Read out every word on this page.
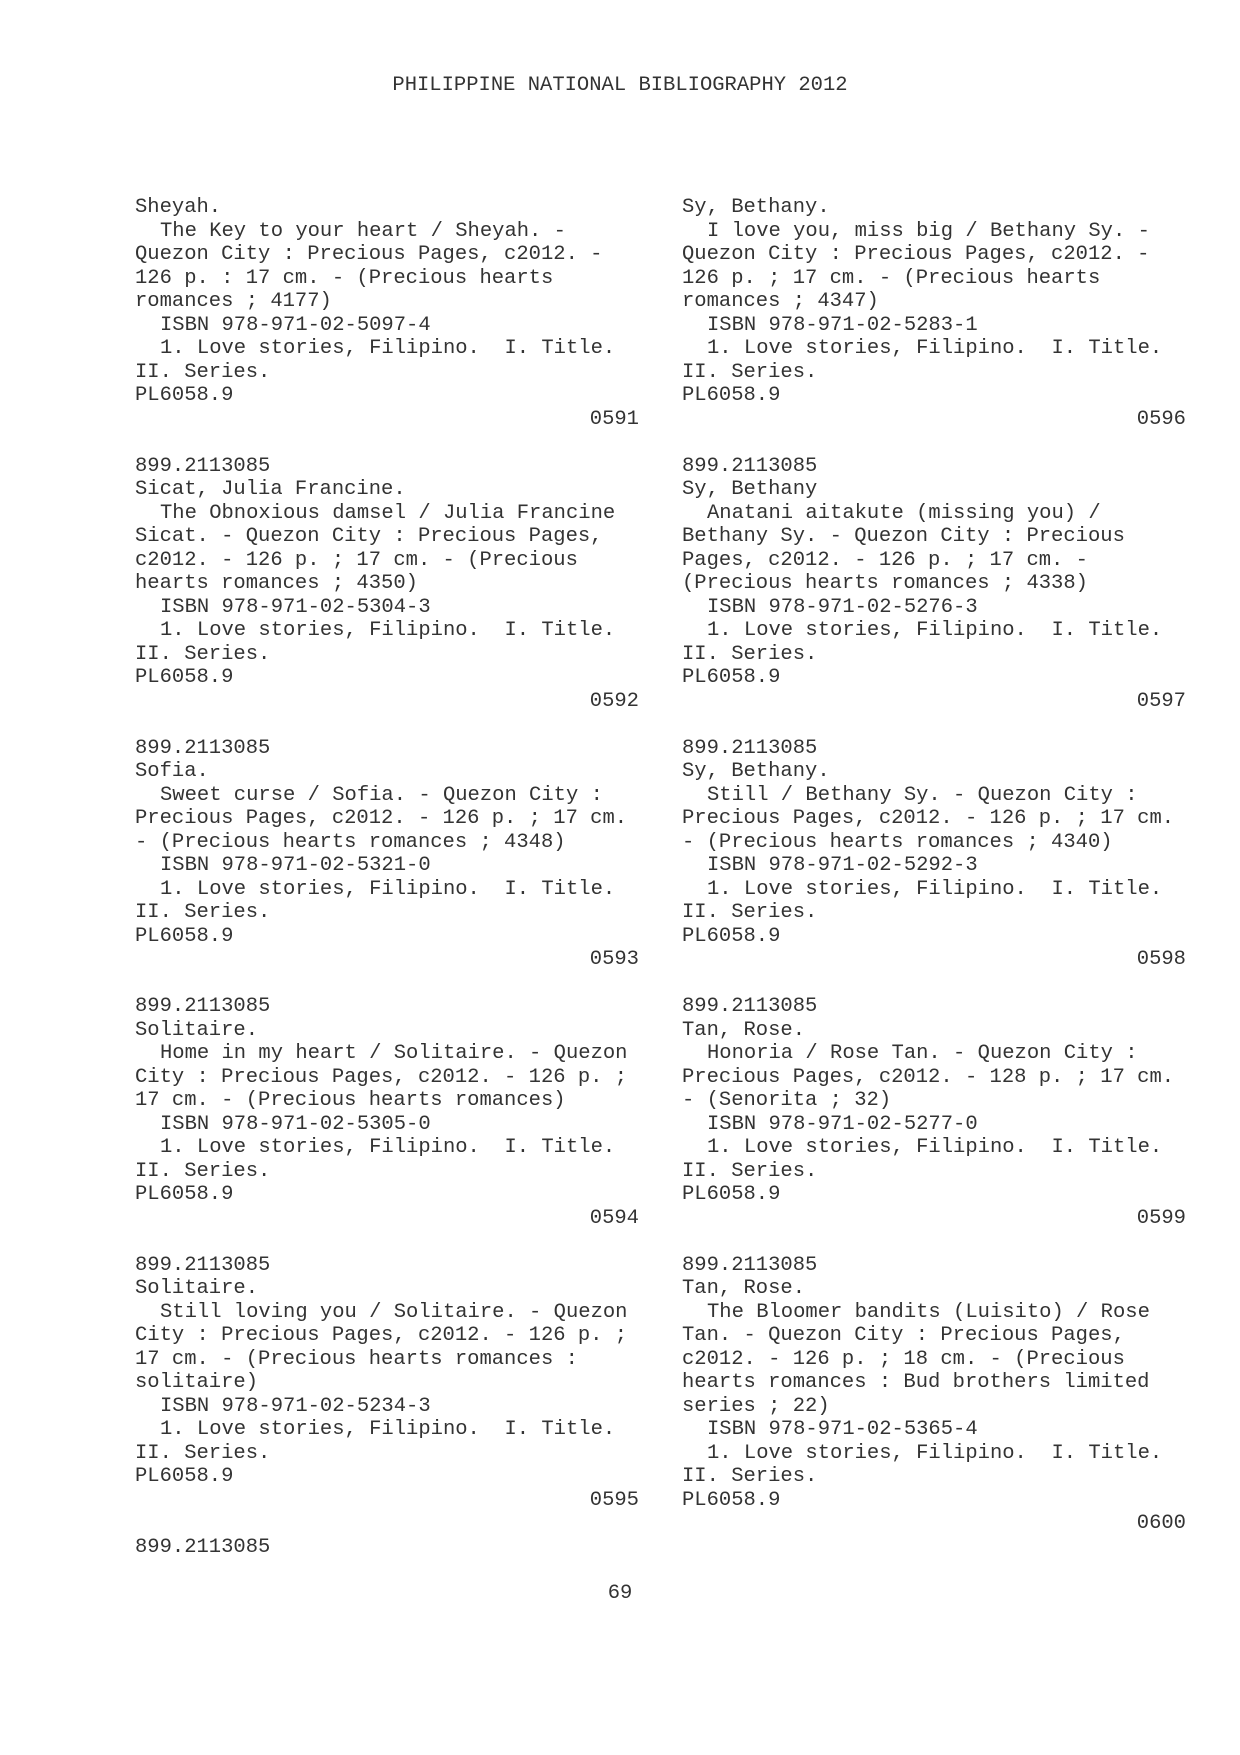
PHILIPPINE NATIONAL BIBLIOGRAPHY 2012
Sheyah.
The Key to your heart / Sheyah. -
Quezon City : Precious Pages, c2012. -
126 p. : 17 cm. - (Precious hearts
romances ; 4177)
ISBN 978-971-02-5097-4
1. Love stories, Filipino.  I. Title.
II. Series.
PL6058.9
0591
899.2113085
Sicat, Julia Francine.
The Obnoxious damsel / Julia Francine
Sicat. - Quezon City : Precious Pages,
c2012. - 126 p. ; 17 cm. - (Precious
hearts romances ; 4350)
ISBN 978-971-02-5304-3
1. Love stories, Filipino.  I. Title.
II. Series.
PL6058.9
0592
899.2113085
Sofia.
Sweet curse / Sofia. - Quezon City :
Precious Pages, c2012. - 126 p. ; 17 cm.
- (Precious hearts romances ; 4348)
ISBN 978-971-02-5321-0
1. Love stories, Filipino.  I. Title.
II. Series.
PL6058.9
0593
899.2113085
Solitaire.
Home in my heart / Solitaire. - Quezon
City : Precious Pages, c2012. - 126 p. ;
17 cm. - (Precious hearts romances)
ISBN 978-971-02-5305-0
1. Love stories, Filipino.  I. Title.
II. Series.
PL6058.9
0594
899.2113085
Solitaire.
Still loving you / Solitaire. - Quezon
City : Precious Pages, c2012. - 126 p. ;
17 cm. - (Precious hearts romances :
solitaire)
ISBN 978-971-02-5234-3
1. Love stories, Filipino.  I. Title.
II. Series.
PL6058.9
0595
899.2113085
Sy, Bethany.
I love you, miss big / Bethany Sy. -
Quezon City : Precious Pages, c2012. -
126 p. ; 17 cm. - (Precious hearts
romances ; 4347)
ISBN 978-971-02-5283-1
1. Love stories, Filipino.  I. Title.
II. Series.
PL6058.9
0596
899.2113085
Sy, Bethany
Anatani aitakute (missing you) /
Bethany Sy. - Quezon City : Precious
Pages, c2012. - 126 p. ; 17 cm. -
(Precious hearts romances ; 4338)
ISBN 978-971-02-5276-3
1. Love stories, Filipino.  I. Title.
II. Series.
PL6058.9
0597
899.2113085
Sy, Bethany.
Still / Bethany Sy. - Quezon City :
Precious Pages, c2012. - 126 p. ; 17 cm.
- (Precious hearts romances ; 4340)
ISBN 978-971-02-5292-3
1. Love stories, Filipino.  I. Title.
II. Series.
PL6058.9
0598
899.2113085
Tan, Rose.
Honoria / Rose Tan. - Quezon City :
Precious Pages, c2012. - 128 p. ; 17 cm.
- (Senorita ; 32)
ISBN 978-971-02-5277-0
1. Love stories, Filipino.  I. Title.
II. Series.
PL6058.9
0599
899.2113085
Tan, Rose.
The Bloomer bandits (Luisito) / Rose
Tan. - Quezon City : Precious Pages,
c2012. - 126 p. ; 18 cm. - (Precious
hearts romances : Bud brothers limited
series ; 22)
ISBN 978-971-02-5365-4
1. Love stories, Filipino.  I. Title.
II. Series.
PL6058.9
0600
69
